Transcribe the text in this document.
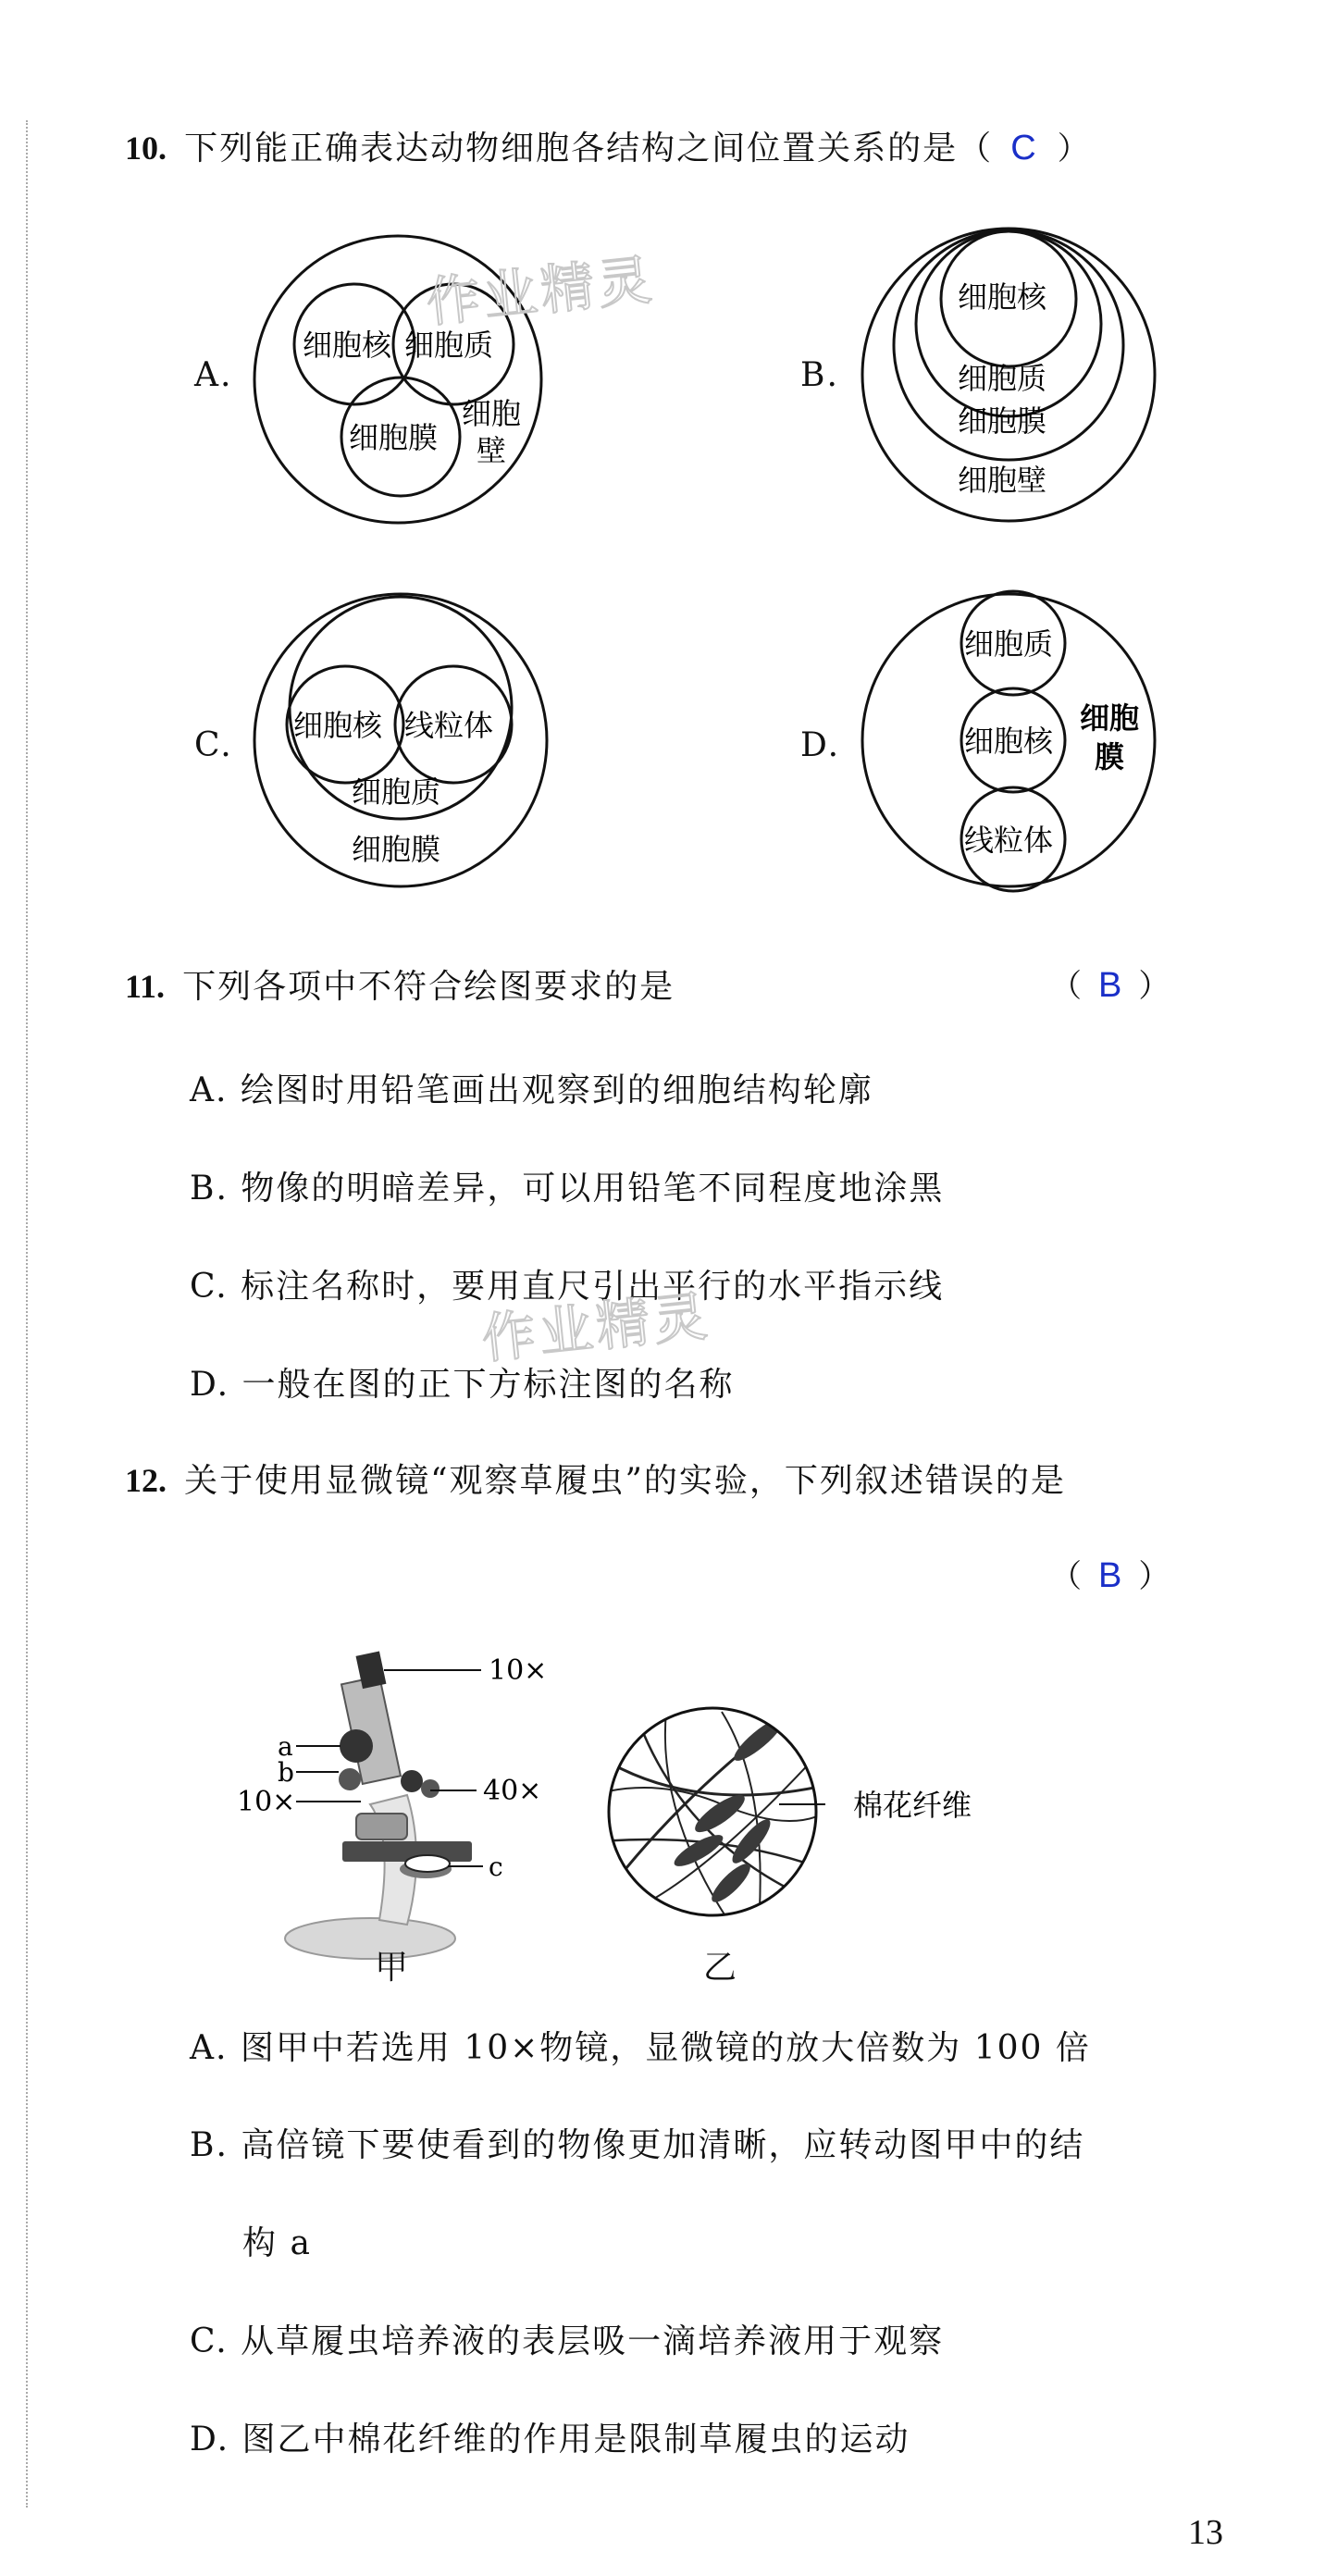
10. 下列能正确表达动物细胞各结构之间位置关系的是（ C ）
A.
细胞核 细胞质
细胞膜
细胞
壁
B.
细胞核
细胞质
细胞膜
细胞壁
C.
细胞核 线粒体
细胞质
细胞膜
D.
细胞质
细胞核
线粒体
细胞
膜
11. 下列各项中不符合绘图要求的是	（ B ）
A. 绘图时用铅笔画出观察到的细胞结构轮廓
B. 物像的明暗差异，可以用铅笔不同程度地涂黑
C. 标注名称时，要用直尺引出平行的水平指示线
D. 一般在图的正下方标注图的名称
12. 关于使用显微镜“观察草履虫”的实验，下列叙述错误的是
（ B ）
10×
a
b
10×	40×
c
甲
棉花纤维
乙
A. 图甲中若选用 10×物镜，显微镜的放大倍数为 100 倍
B. 高倍镜下要使看到的物像更加清晰，应转动图甲中的结
构 a
C. 从草履虫培养液的表层吸一滴培养液用于观察
D. 图乙中棉花纤维的作用是限制草履虫的运动
作业精灵
作业精灵
13
